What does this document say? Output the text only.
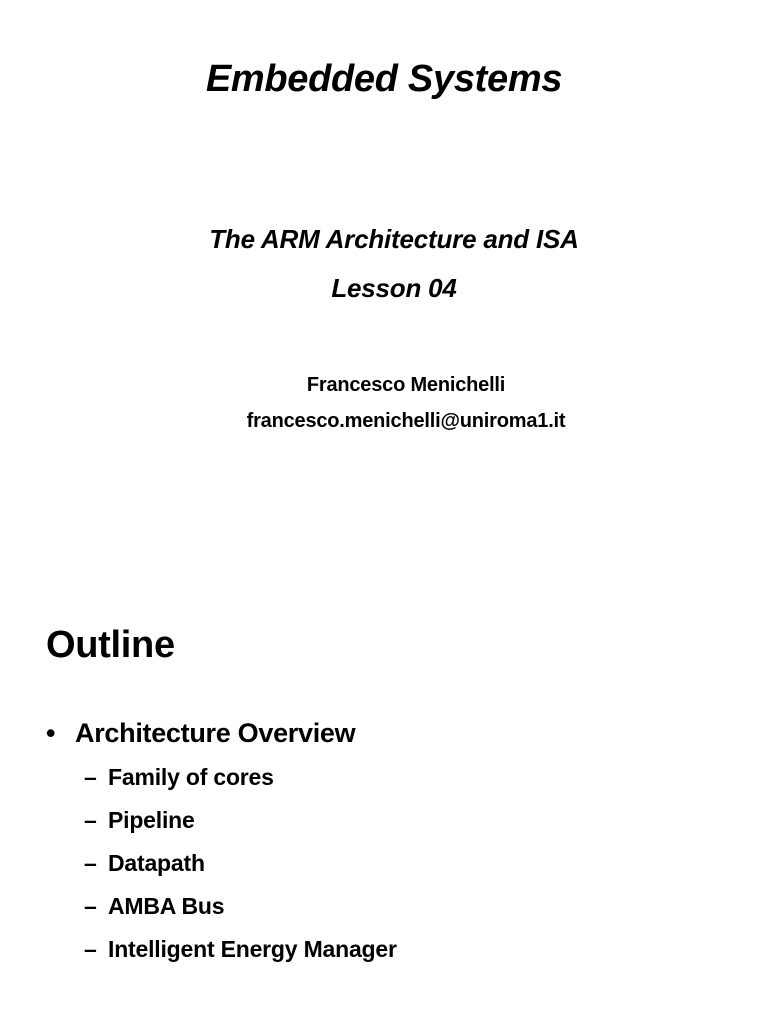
Embedded Systems
The ARM Architecture and ISA
Lesson 04
Francesco Menichelli
francesco.menichelli@uniroma1.it
Outline
• Architecture Overview
– Family of cores
– Pipeline
– Datapath
– AMBA Bus
– Intelligent Energy Manager
